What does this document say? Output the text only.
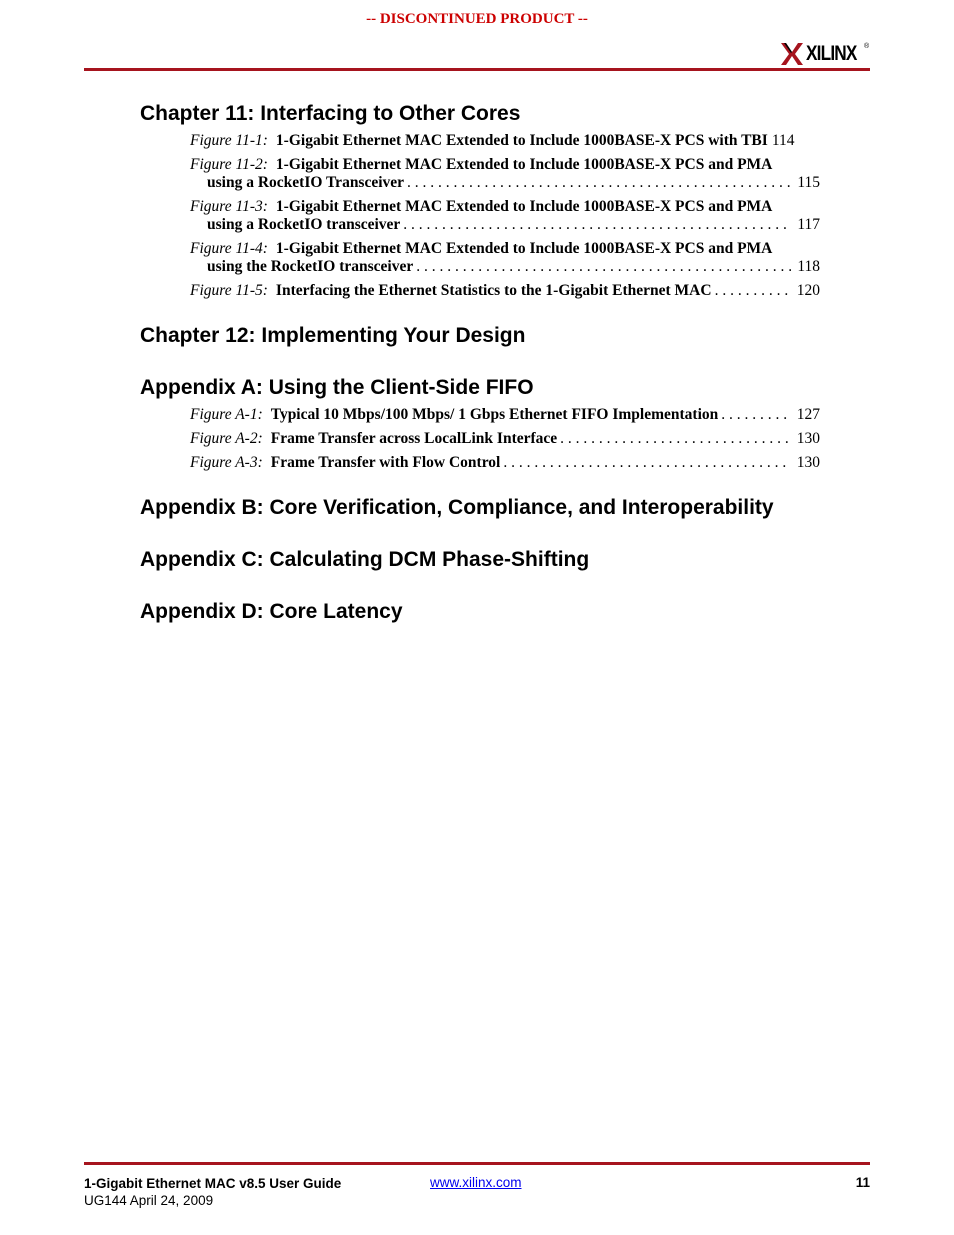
-- DISCONTINUED PRODUCT --
XILINX ®
Chapter 11: Interfacing to Other Cores
Figure 11-1: 1-Gigabit Ethernet MAC Extended to Include 1000BASE-X PCS with TBI 114
Figure 11-2: 1-Gigabit Ethernet MAC Extended to Include 1000BASE-X PCS and PMA
using a RocketIO Transceiver . . .	115
Figure 11-3: 1-Gigabit Ethernet MAC Extended to Include 1000BASE-X PCS and PMA
using a RocketIO transceiver . . .	117
Figure 11-4: 1-Gigabit Ethernet MAC Extended to Include 1000BASE-X PCS and PMA
using the RocketIO transceiver . . .	118
Figure 11-5: Interfacing the Ethernet Statistics to the 1-Gigabit Ethernet MAC . . .	120
Chapter 12: Implementing Your Design
Appendix A: Using the Client-Side FIFO
Figure A-1: Typical 10 Mbps/100 Mbps/ 1 Gbps Ethernet FIFO Implementation . . .	127
Figure A-2: Frame Transfer across LocalLink Interface . . .	130
Figure A-3: Frame Transfer with Flow Control . . .	130
Appendix B: Core Verification, Compliance, and Interoperability
Appendix C: Calculating DCM Phase-Shifting
Appendix D: Core Latency
1-Gigabit Ethernet MAC v8.5 User Guide
UG144 April 24, 2009
www.xilinx.com	11
